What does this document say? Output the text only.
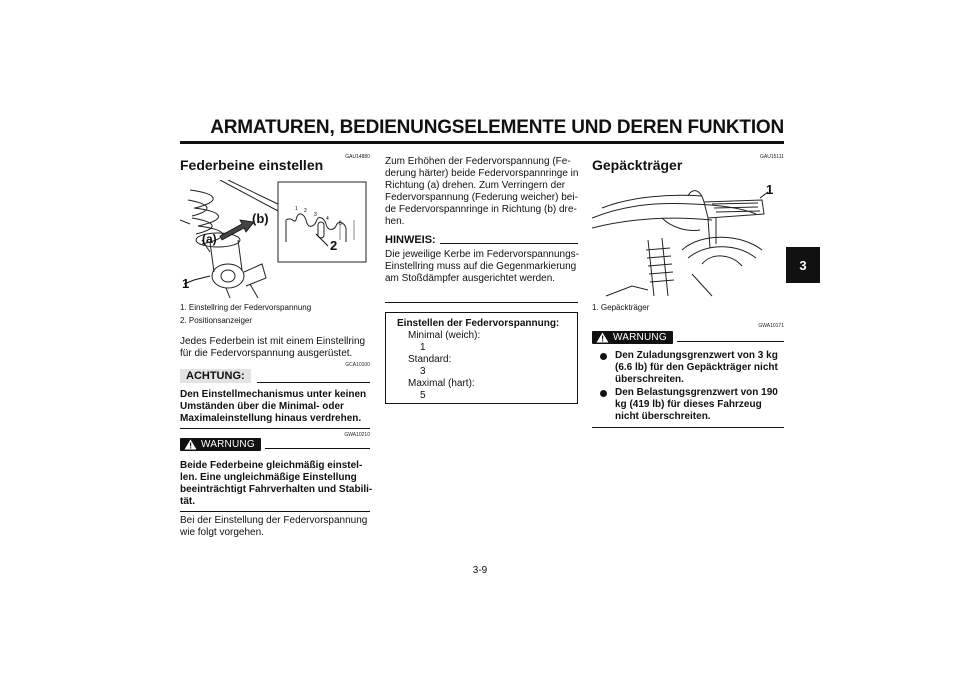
ARMATUREN, BEDIENUNGSELEMENTE UND DEREN FUNKTION
3
GAU14880
Federbeine einstellen
1 2
3
4
5
(a)
(b)
1
2
1. Einstellring der Federvorspannung
2. Positionsanzeiger
Jedes Federbein ist mit einem Einstellring für die Federvorspannung ausgerüstet.
GCA10100
ACHTUNG:
Den Einstellmechanismus unter keinen Umständen über die Minimal- oder Maximaleinstellung hinaus verdrehen.
GWA10210
WARNUNG
Beide Federbeine gleichmäßig einstellen. Eine ungleichmäßige Einstellung beeinträchtigt Fahrverhalten und Stabilität.
Bei der Einstellung der Federvorspannung wie folgt vorgehen.
Zum Erhöhen der Federvorspannung (Federung härter) beide Federvorspannringe in Richtung (a) drehen. Zum Verringern der Federvorspannung (Federung weicher) beide Federvorspannringe in Richtung (b) drehen.
HINWEIS:
Die jeweilige Kerbe im Federvorspannungs-Einstellring muss auf die Gegenmarkierung am Stoßdämpfer ausgerichtet werden.
Einstellen der Federvorspannung:
Minimal (weich):
1
Standard:
3
Maximal (hart):
5
GAU15111
Gepäckträger
1
1. Gepäckträger
GWA10171
WARNUNG
Den Zuladungsgrenzwert von 3 kg (6.6 lb) für den Gepäckträger nicht überschreiten.
Den Belastungsgrenzwert von 190 kg (419 lb) für dieses Fahrzeug nicht überschreiten.
3-9
